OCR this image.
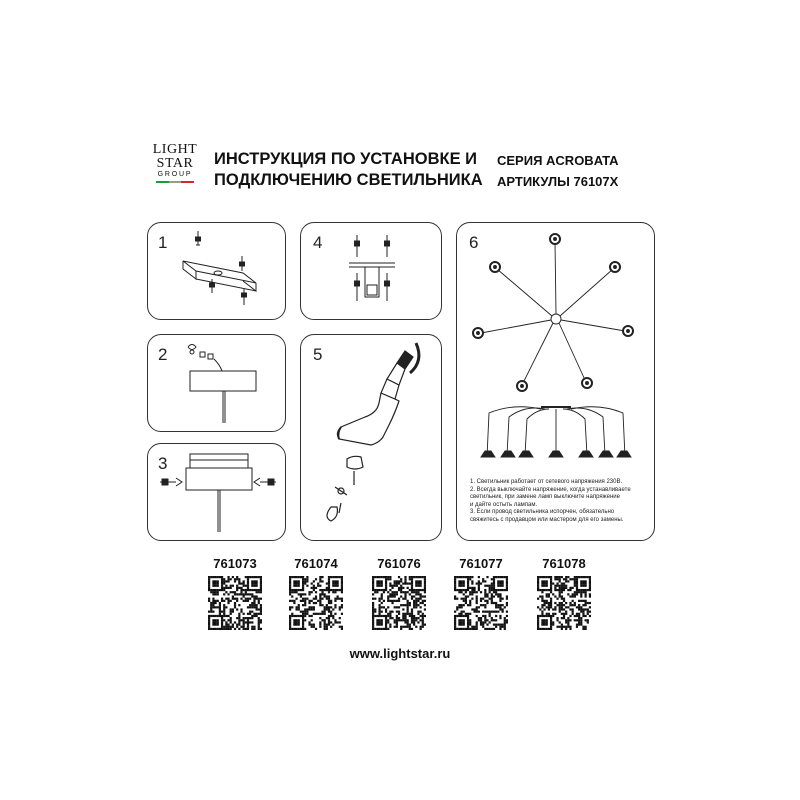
LIGHT
STAR
GROUP
ИНСТРУКЦИЯ ПО УСТАНОВКЕ И
ПОДКЛЮЧЕНИЮ СВЕТИЛЬНИКА
СЕРИЯ ACROBATA
АРТИКУЛЫ 76107X
1
2
3
4
5
6
1. Светильник работает от сетевого напряжения 230В.
2. Всегда выключайте напряжение, когда устанавливаете
светильник, при замене ламп выключите напряжение
и дайте остыть лампам.
3. Если провод светильника испорчен, обязательно
свяжитесь с продавцом или мастером для его замены.
761073	761074	761076	761077	761078
www.lightstar.ru
